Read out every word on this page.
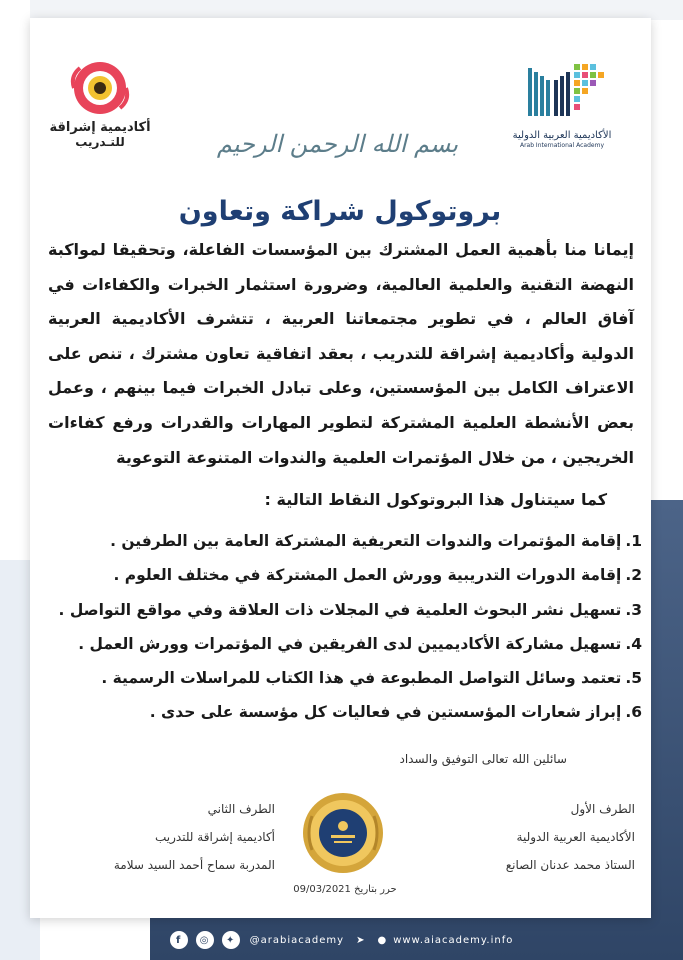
الأكاديمية العربية الدولية
Arab International Academy
أكاديمية إشراقة
للتـدريب	بسم الله الرحمن الرحيم
بروتوكول شراكة وتعاون
إيمانا منا بأهمية العمل المشترك بين المؤسسات الفاعلة، وتحقيقا لمواكبة النهضة التقنية والعلمية العالمية، وضرورة استثمار الخبرات والكفاءات في آفاق العالم ، في تطوير مجتمعاتنا العربية ، تتشرف الأكاديمية العربية الدولية وأكاديمية إشراقة للتدريب ، بعقد اتفاقية تعاون مشترك ، تنص على الاعتراف الكامل بين المؤسستين، وعلى تبادل الخبرات فيما بينهم ، وعمل بعض الأنشطة العلمية المشتركة لتطوير المهارات والقدرات ورفع كفاءات الخريجين ، من خلال المؤتمرات العلمية والندوات المتنوعة التوعوية
كما سيتناول هذا البروتوكول النقاط التالية :
1.إقامة المؤتمرات والندوات التعريفية المشتركة العامة بين الطرفين .
2.إقامة الدورات التدريبية وورش العمل المشتركة في مختلف العلوم .
3.تسهيل نشر البحوث العلمية في المجلات ذات العلاقة وفي مواقع التواصل .
4.تسهيل مشاركة الأكاديميين لدى الفريقين في المؤتمرات وورش العمل .
5.تعتمد وسائل التواصل المطبوعة في هذا الكتاب للمراسلات الرسمية .
6.إبراز شعارات المؤسستين في فعاليات كل مؤسسة على حدى .
سائلين الله تعالى التوفيق والسداد
الطرف الأول
الأكاديمية العربية الدولية
الستاذ محمد عدنان الصانع
الطرف الثاني
أكاديمية إشراقة للتدريب
المدربة سماح أحمد السيد سلامة
حرر بتاريخ 09/03/2021
f	◎	✦	@arabiacademy ➤ ● www.aiacademy.info
